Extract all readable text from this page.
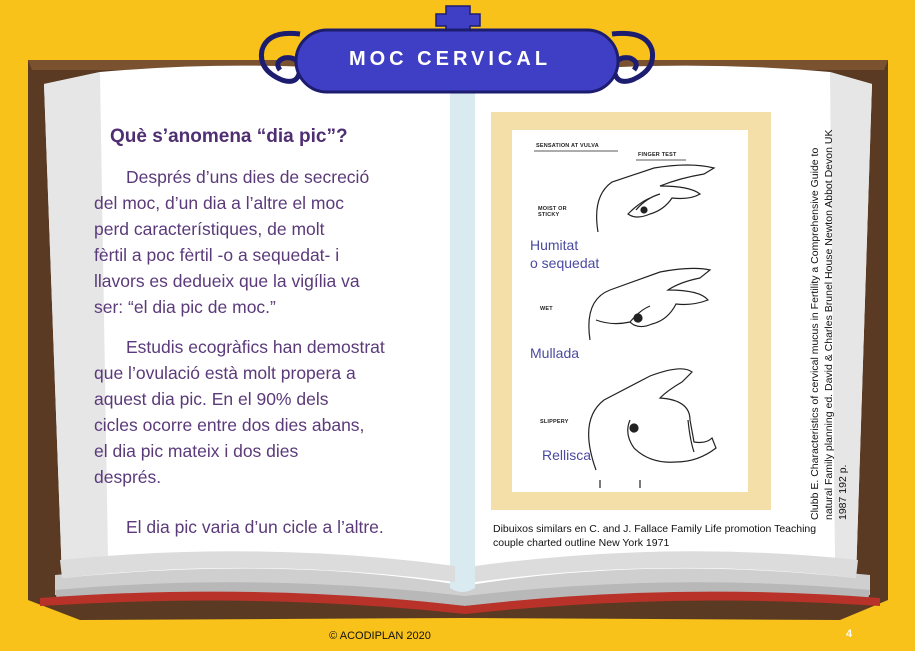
MOC CERVICAL
Què s’anomena “dia pic”?

Després d’uns dies de secreció
del moc, d’un dia a l’altre el moc
perd característiques, de molt
fèrtil a poc fèrtil -o a sequedat- i
llavors es dedueix que la vigília va
ser: “el dia pic de moc.”

Estudis ecogràfics han demostrat
que l’ovulació està molt propera a
aquest dia pic. En el 90% dels
cicles ocorre entre dos dies abans,
el dia pic mateix i dos dies
després.

El dia pic varia d’un cicle a l’altre.

SENSATION AT VULVA
FINGER TEST
MOIST OR STICKY
WET
SLIPPERY
Humitat
o sequedat
Mullada
Rellisca
Dibuixos similars en C. and J. Fallace Family Life promotion Teaching
couple charted outline New York 1971
Clubb E. Characteristics of cervical mucus in Fertility a Comprehensive Guide to natural Family planning ed. David & Charles Brunel House Newton Abbot Devon UK 1987 192 p.
© ACODIPLAN 2020	4
